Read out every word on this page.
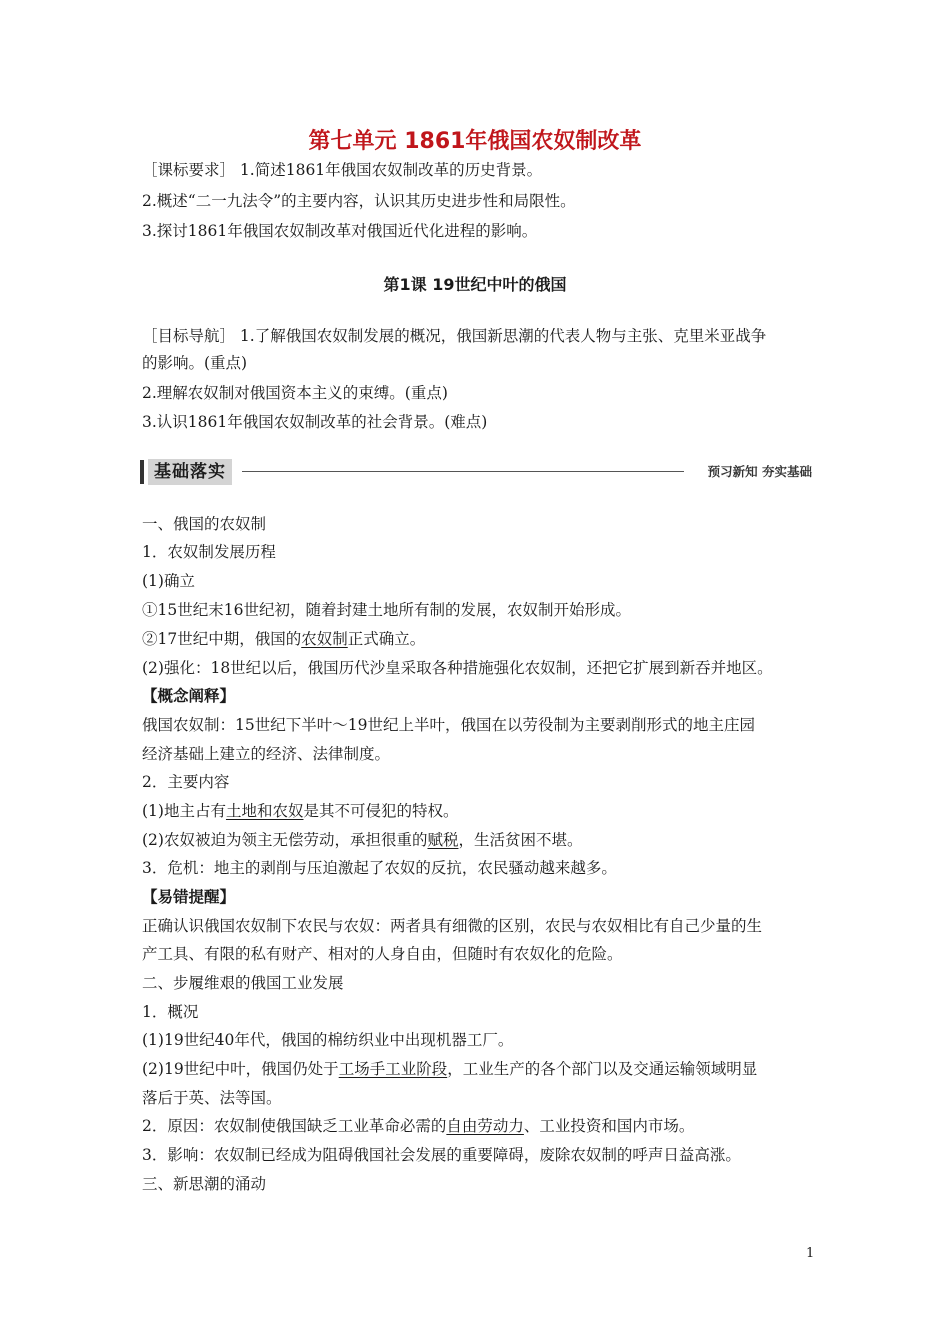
第七单元 1861年俄国农奴制改革
［课标要求］ 1.简述1861年俄国农奴制改革的历史背景。
2.概述“二一九法令”的主要内容，认识其历史进步性和局限性。
3.探讨1861年俄国农奴制改革对俄国近代化进程的影响。
第1课 19世纪中叶的俄国
［目标导航］ 1.了解俄国农奴制发展的概况，俄国新思潮的代表人物与主张、克里米亚战争
的影响。(重点)
2.理解农奴制对俄国资本主义的束缚。(重点)
3.认识1861年俄国农奴制改革的社会背景。(难点)
基础落实	预习新知 夯实基础
一、俄国的农奴制
1．农奴制发展历程
(1)确立
①15世纪末16世纪初，随着封建土地所有制的发展，农奴制开始形成。
②17世纪中期，俄国的农奴制正式确立。
(2)强化：18世纪以后，俄国历代沙皇采取各种措施强化农奴制，还把它扩展到新吞并地区。
【概念阐释】
俄国农奴制：15世纪下半叶～19世纪上半叶，俄国在以劳役制为主要剥削形式的地主庄园
经济基础上建立的经济、法律制度。
2．主要内容
(1)地主占有土地和农奴是其不可侵犯的特权。
(2)农奴被迫为领主无偿劳动，承担很重的赋税，生活贫困不堪。
3．危机：地主的剥削与压迫激起了农奴的反抗，农民骚动越来越多。
【易错提醒】
正确认识俄国农奴制下农民与农奴：两者具有细微的区别，农民与农奴相比有自己少量的生
产工具、有限的私有财产、相对的人身自由，但随时有农奴化的危险。
二、步履维艰的俄国工业发展
1．概况
(1)19世纪40年代，俄国的棉纺织业中出现机器工厂。
(2)19世纪中叶，俄国仍处于工场手工业阶段，工业生产的各个部门以及交通运输领域明显
落后于英、法等国。
2．原因：农奴制使俄国缺乏工业革命必需的自由劳动力、工业投资和国内市场。
3．影响：农奴制已经成为阻碍俄国社会发展的重要障碍，废除农奴制的呼声日益高涨。
三、新思潮的涌动
1
